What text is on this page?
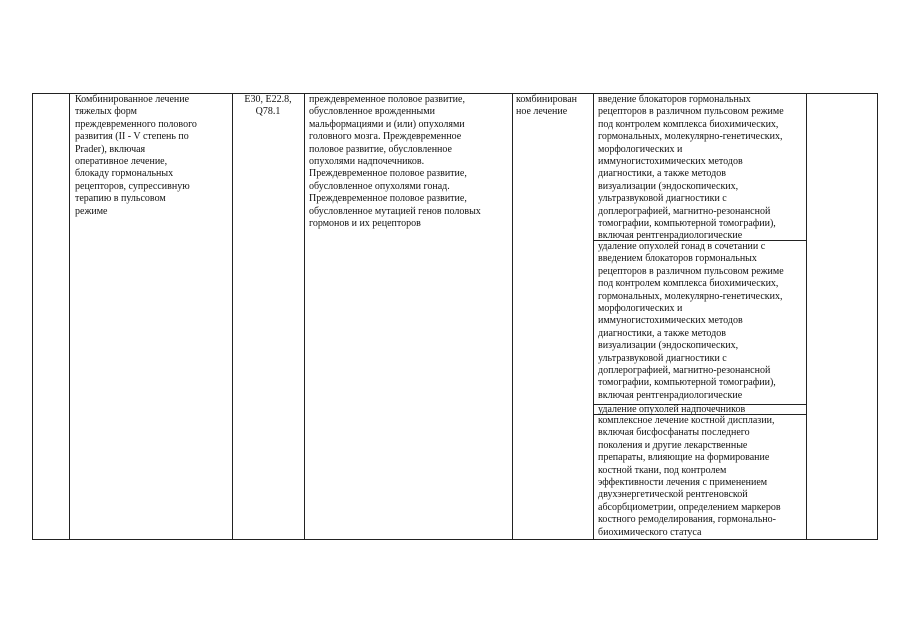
Комбинированное лечение
тяжелых форм
преждевременного полового
развития (II - V степень по
Prader), включая
оперативное лечение,
блокаду гормональных
рецепторов, супрессивную
терапию в пульсовом
режиме
E30, E22.8,
Q78.1
преждевременное половое развитие,
обусловленное врожденными
мальформациями и (или) опухолями
головного мозга. Преждевременное
половое развитие, обусловленное
опухолями надпочечников.
Преждевременное половое развитие,
обусловленное опухолями гонад.
Преждевременное половое развитие,
обусловленное мутацией генов половых
гормонов и их рецепторов
комбинирован
ное лечение
введение блокаторов гормональных
рецепторов в различном пульсовом режиме
под контролем комплекса биохимических,
гормональных, молекулярно-генетических,
морфологических и
иммуногистохимических методов
диагностики, а также методов
визуализации (эндоскопических,
ультразвуковой диагностики с
доплерографией, магнитно-резонансной
томографии, компьютерной томографии),
включая рентгенрадиологические
удаление опухолей гонад в сочетании с
введением блокаторов гормональных
рецепторов в различном пульсовом режиме
под контролем комплекса биохимических,
гормональных, молекулярно-генетических,
морфологических и
иммуногистохимических методов
диагностики, а также методов
визуализации (эндоскопических,
ультразвуковой диагностики с
доплерографией, магнитно-резонансной
томографии, компьютерной томографии),
включая рентгенрадиологические
удаление опухолей надпочечников
комплексное лечение костной дисплазии,
включая бисфосфанаты последнего
поколения и другие лекарственные
препараты, влияющие на формирование
костной ткани, под контролем
эффективности лечения с применением
двухэнергетической рентгеновской
абсорбциометрии, определением маркеров
костного ремоделирования, гормонально-
биохимического статуса
